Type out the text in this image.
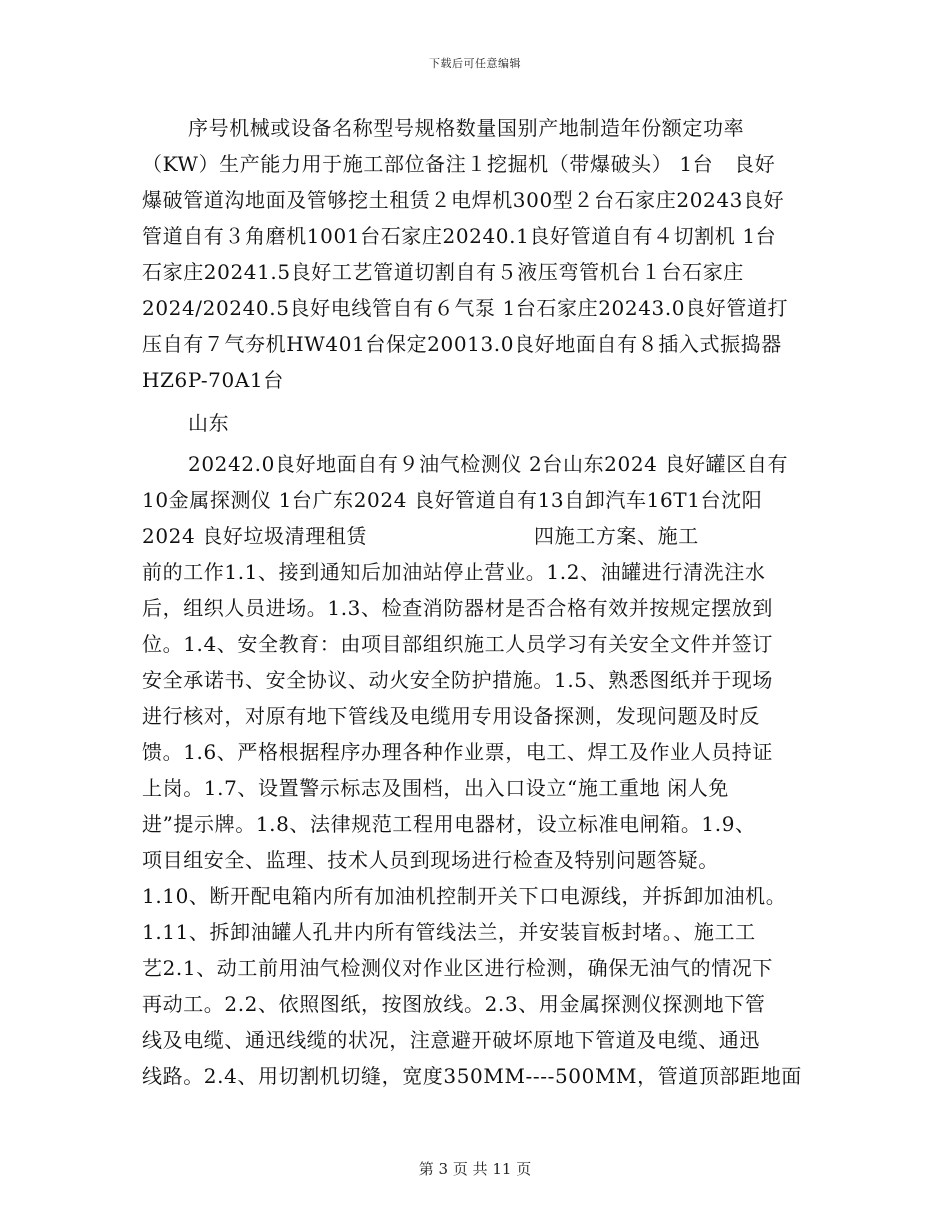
下载后可任意编辑
序号机械或设备名称型号规格数量国别产地制造年份额定功率
（KW）生产能力用于施工部位备注１挖掘机（带爆破头） 1台   良好
爆破管道沟地面及管够挖土租赁２电焊机300型２台石家庄20243良好
管道自有３角磨机1001台石家庄20240.1良好管道自有４切割机 1台
石家庄20241.5良好工艺管道切割自有５液压弯管机台１台石家庄
2024/20240.5良好电线管自有６气泵 1台石家庄20243.0良好管道打
压自有７气夯机HW401台保定20013.0良好地面自有８插入式振捣器
HZ6P-70A1台
山东
20242.0良好地面自有９油气检测仪 2台山东2024 良好罐区自有
10金属探测仪 1台广东2024 良好管道自有13自卸汽车16T1台沈阳
2024 良好垃圾清理租赁                        四施工方案、施工
前的工作1.1、接到通知后加油站停止营业。1.2、油罐进行清洗注水
后，组织人员进场。1.3、检查消防器材是否合格有效并按规定摆放到
位。1.4、安全教育：由项目部组织施工人员学习有关安全文件并签订
安全承诺书、安全协议、动火安全防护措施。1.5、熟悉图纸并于现场
进行核对，对原有地下管线及电缆用专用设备探测，发现问题及时反
馈。1.6、严格根据程序办理各种作业票，电工、焊工及作业人员持证
上岗。1.7、设置警示标志及围档，出入口设立“施工重地 闲人免
进”提示牌。1.8、法律规范工程用电器材，设立标准电闸箱。1.9、
项目组安全、监理、技术人员到现场进行检查及特别问题答疑。
1.10、断开配电箱内所有加油机控制开关下口电源线，并拆卸加油机。
1.11、拆卸油罐人孔井内所有管线法兰，并安装盲板封堵。、施工工
艺2.1、动工前用油气检测仪对作业区进行检测，确保无油气的情况下
再动工。2.2、依照图纸，按图放线。2.3、用金属探测仪探测地下管
线及电缆、通迅线缆的状况，注意避开破坏原地下管道及电缆、通迅
线路。2.4、用切割机切缝，宽度350MM----500MM，管道顶部距地面
第 3 页 共 11 页
